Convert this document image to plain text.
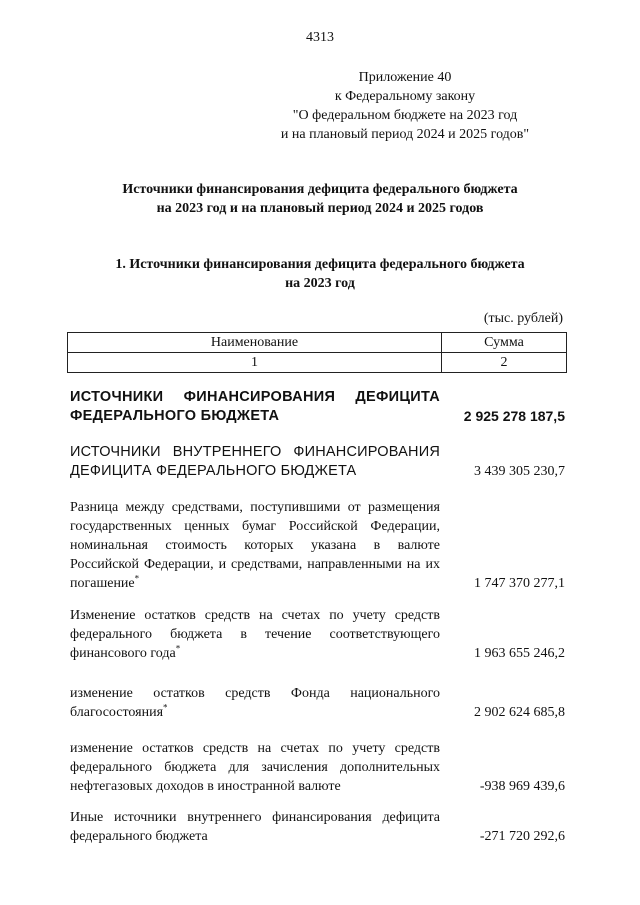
4313
Приложение 40
к Федеральному закону
"О федеральном бюджете на 2023 год
и на плановый период 2024 и 2025 годов"
Источники финансирования дефицита федерального бюджета
на 2023 год и на плановый период 2024 и 2025 годов
1. Источники финансирования дефицита федерального бюджета
на 2023 год
(тыс. рублей)
Наименование	Сумма
1	2
ИСТОЧНИКИ ФИНАНСИРОВАНИЯ ДЕФИЦИТА ФЕДЕРАЛЬНОГО БЮДЖЕТА	2 925 278 187,5
ИСТОЧНИКИ ВНУТРЕННЕГО ФИНАНСИРОВАНИЯ ДЕФИЦИТА ФЕДЕРАЛЬНОГО БЮДЖЕТА	3 439 305 230,7
Разница между средствами, поступившими от размещения государственных ценных бумаг Российской Федерации, номинальная стоимость которых указана в валюте Российской Федерации, и средствами, направленными на их погашение*	1 747 370 277,1
Изменение остатков средств на счетах по учету средств федерального бюджета в течение соответствующего финансового года*	1 963 655 246,2
изменение остатков средств Фонда национального благосостояния*	2 902 624 685,8
изменение остатков средств на счетах по учету средств федерального бюджета для зачисления дополнительных нефтегазовых доходов в иностранной валюте	-938 969 439,6
Иные источники внутреннего финансирования дефицита федерального бюджета	-271 720 292,6
